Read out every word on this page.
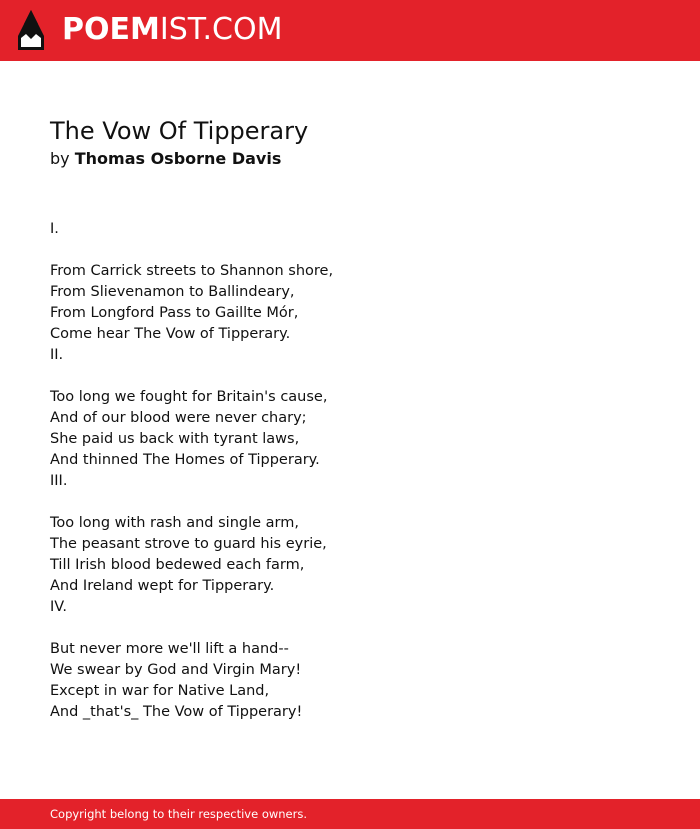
POEMIST.COM
The Vow Of Tipperary
by Thomas Osborne Davis
I.
From Carrick streets to Shannon shore,
From Slievenamon to Ballindeary,
From Longford Pass to Gaillte Mór,
Come hear The Vow of Tipperary.
II.
Too long we fought for Britain's cause,
And of our blood were never chary;
She paid us back with tyrant laws,
And thinned The Homes of Tipperary.
III.
Too long with rash and single arm,
The peasant strove to guard his eyrie,
Till Irish blood bedewed each farm,
And Ireland wept for Tipperary.
IV.
But never more we'll lift a hand--
We swear by God and Virgin Mary!
Except in war for Native Land,
And _that's_ The Vow of Tipperary!
Copyright belong to their respective owners.
